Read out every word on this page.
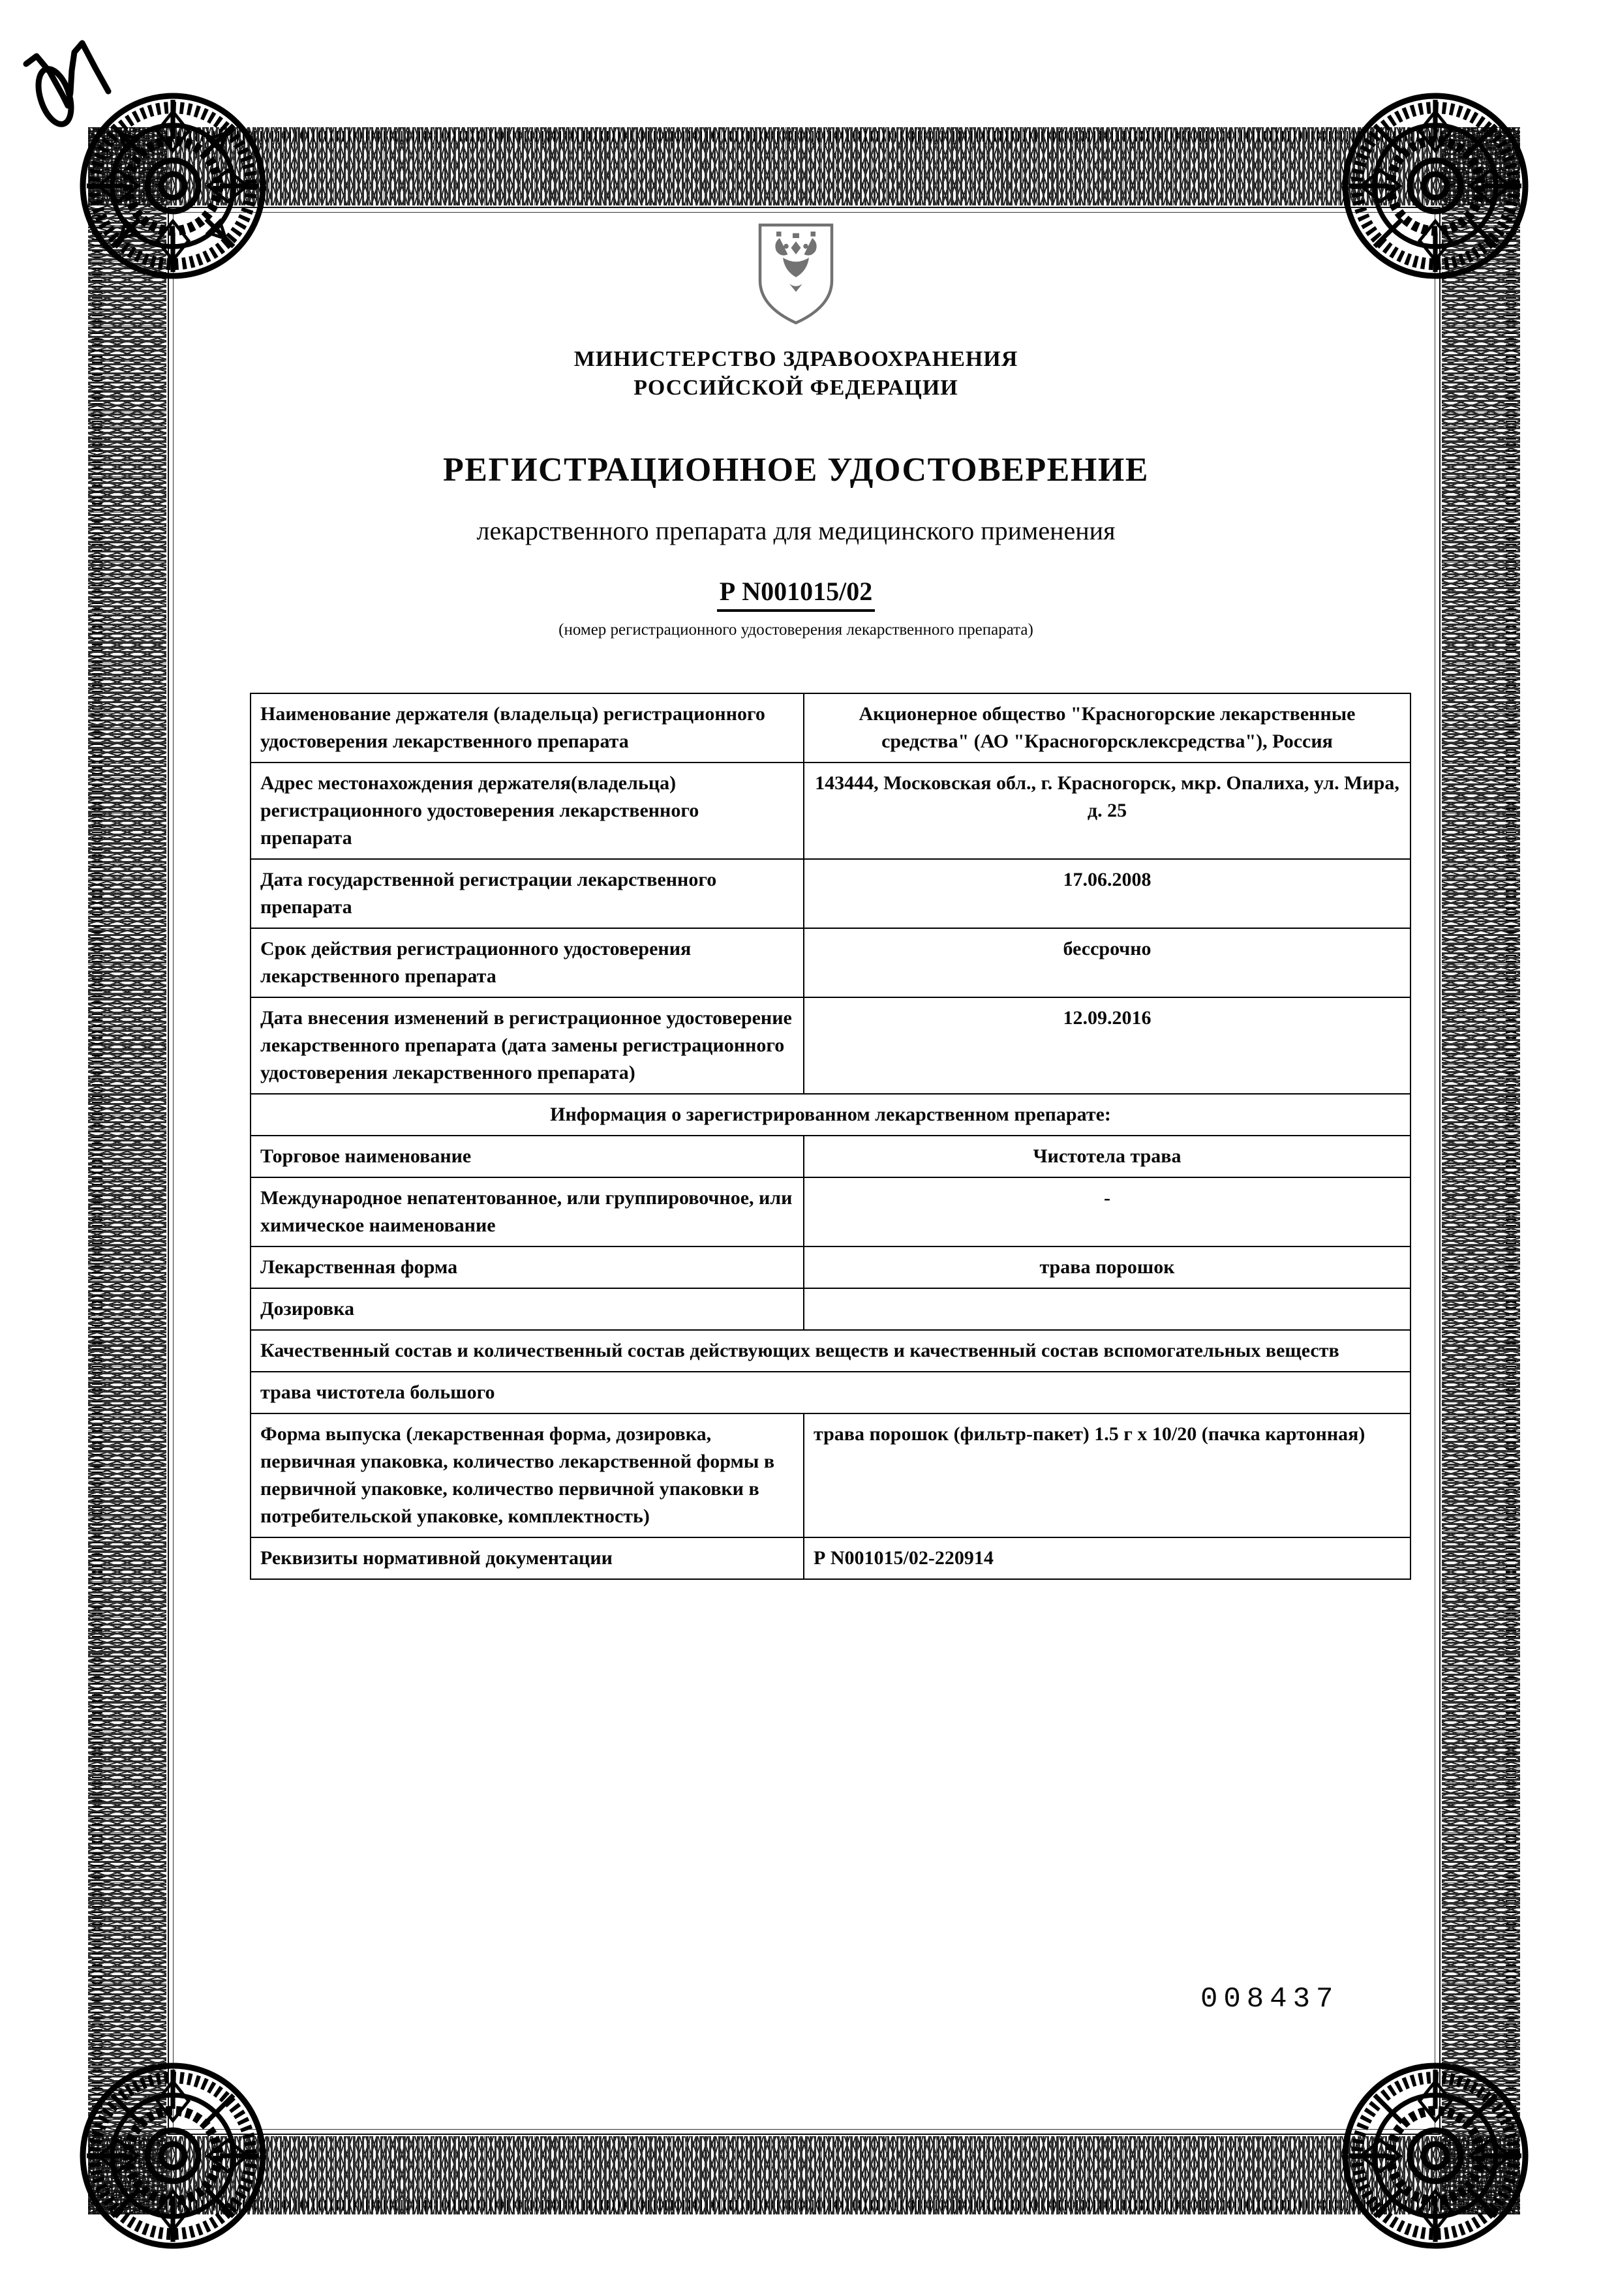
МИНИСТЕРСТВО ЗДРАВООХРАНЕНИЯ
РОССИЙСКОЙ ФЕДЕРАЦИИ
РЕГИСТРАЦИОННОЕ УДОСТОВЕРЕНИЕ
лекарственного препарата для медицинского применения
Р N001015/02
(номер регистрационного удостоверения лекарственного препарата)
Наименование держателя (владельца) регистрационного удостоверения лекарственного препарата	Акционерное общество "Красногорские лекарственные средства" (АО "Красногорсклексредства"), Россия
Адрес местонахождения держателя(владельца) регистрационного удостоверения лекарственного препарата	143444, Московская обл., г. Красногорск, мкр. Опалиха, ул. Мира, д. 25
Дата государственной регистрации лекарственного препарата	17.06.2008
Срок действия регистрационного удостоверения лекарственного препарата	бессрочно
Дата внесения изменений в регистрационное удостоверение лекарственного препарата (дата замены регистрационного удостоверения лекарственного препарата)	12.09.2016
Информация о зарегистрированном лекарственном препарате:	
Торговое наименование	Чистотела трава
Международное непатентованное, или группировочное, или химическое наименование	-
Лекарственная форма	трава порошок
Дозировка	
Качественный состав и количественный состав действующих веществ и качественный состав вспомогательных веществ	
трава чистотела большого	
Форма выпуска (лекарственная форма, дозировка, первичная упаковка, количество лекарственной формы в первичной упаковке, количество первичной упаковки в потребительской упаковке, комплектность)	трава порошок (фильтр-пакет) 1.5 г х 10/20 (пачка картонная)
Реквизиты нормативной документации	Р N001015/02-220914
008437
